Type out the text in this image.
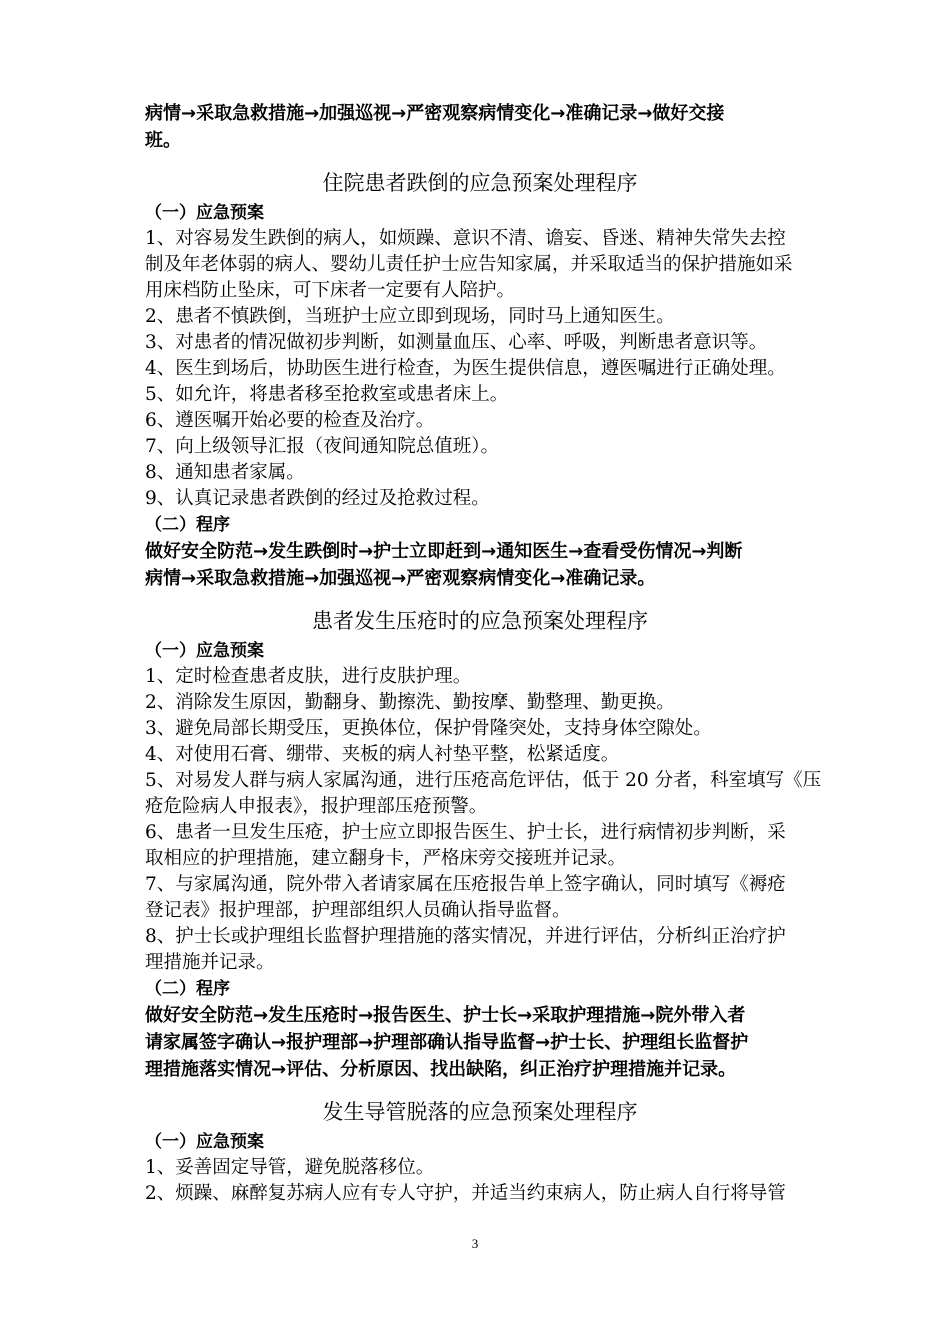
病情→采取急救措施→加强巡视→严密观察病情变化→准确记录→做好交接
班。
住院患者跌倒的应急预案处理程序
（一）应急预案
1、对容易发生跌倒的病人，如烦躁、意识不清、谵妄、昏迷、精神失常失去控
制及年老体弱的病人、婴幼儿责任护士应告知家属，并采取适当的保护措施如采
用床档防止坠床，可下床者一定要有人陪护。
2、患者不慎跌倒，当班护士应立即到现场，同时马上通知医生。
3、对患者的情况做初步判断，如测量血压、心率、呼吸，判断患者意识等。
4、医生到场后，协助医生进行检查，为医生提供信息，遵医嘱进行正确处理。
5、如允许，将患者移至抢救室或患者床上。
6、遵医嘱开始必要的检查及治疗。
7、向上级领导汇报（夜间通知院总值班）。
8、通知患者家属。
9、认真记录患者跌倒的经过及抢救过程。
（二）程序
做好安全防范→发生跌倒时→护士立即赶到→通知医生→查看受伤情况→判断
病情→采取急救措施→加强巡视→严密观察病情变化→准确记录。
患者发生压疮时的应急预案处理程序
（一）应急预案
1、定时检查患者皮肤，进行皮肤护理。
2、消除发生原因，勤翻身、勤擦洗、勤按摩、勤整理、勤更换。
3、避免局部长期受压，更换体位，保护骨隆突处，支持身体空隙处。
4、对使用石膏、绷带、夹板的病人衬垫平整，松紧适度。
5、对易发人群与病人家属沟通，进行压疮高危评估，低于 20 分者，科室填写《压
疮危险病人申报表》，报护理部压疮预警。
6、患者一旦发生压疮，护士应立即报告医生、护士长，进行病情初步判断，采
取相应的护理措施，建立翻身卡，严格床旁交接班并记录。
7、与家属沟通，院外带入者请家属在压疮报告单上签字确认，同时填写《褥疮
登记表》报护理部，护理部组织人员确认指导监督。
8、护士长或护理组长监督护理措施的落实情况，并进行评估，分析纠正治疗护
理措施并记录。
（二）程序
做好安全防范→发生压疮时→报告医生、护士长→采取护理措施→院外带入者
请家属签字确认→报护理部→护理部确认指导监督→护士长、护理组长监督护
理措施落实情况→评估、分析原因、找出缺陷，纠正治疗护理措施并记录。
发生导管脱落的应急预案处理程序
（一）应急预案
1、妥善固定导管，避免脱落移位。
2、烦躁、麻醉复苏病人应有专人守护，并适当约束病人，防止病人自行将导管
3
